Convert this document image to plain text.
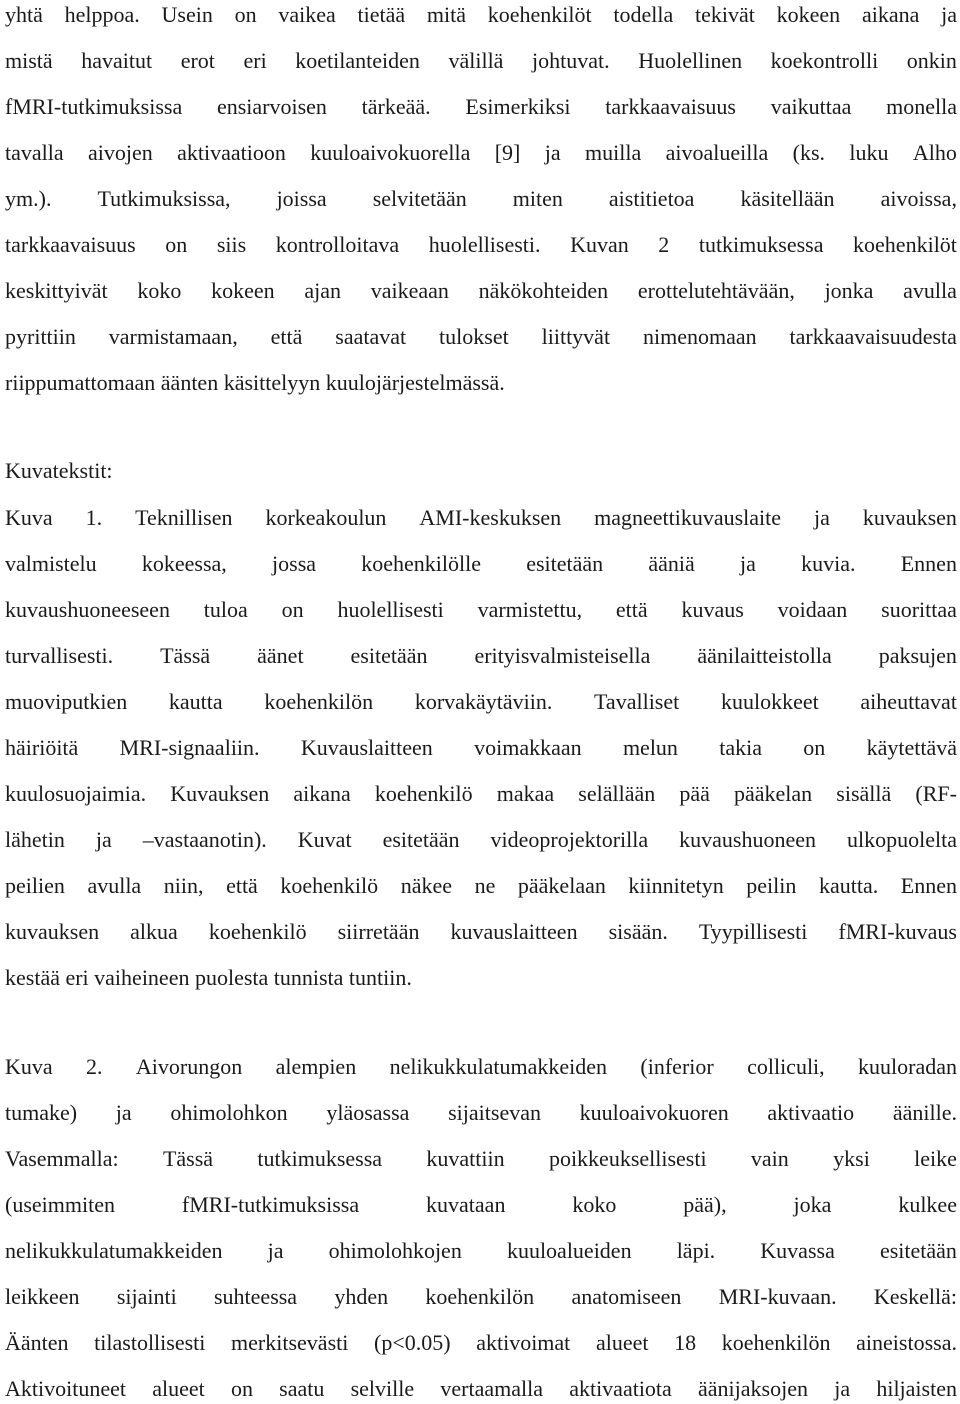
yhtä helppoa. Usein on vaikea tietää mitä koehenkilöt todella tekivät kokeen aikana ja
mistä havaitut erot eri koetilanteiden välillä johtuvat. Huolellinen koekontrolli onkin
fMRI-tutkimuksissa ensiarvoisen tärkeää. Esimerkiksi tarkkaavaisuus vaikuttaa monella
tavalla aivojen aktivaatioon kuuloaivokuorella [9] ja muilla aivoalueilla (ks. luku Alho
ym.). Tutkimuksissa, joissa selvitetään miten aistitietoa käsitellään aivoissa,
tarkkaavaisuus on siis kontrolloitava huolellisesti. Kuvan 2 tutkimuksessa koehenkilöt
keskittyivät koko kokeen ajan vaikeaan näkökohteiden erottelutehtävään, jonka avulla
pyrittiin varmistamaan, että saatavat tulokset liittyvät nimenomaan tarkkaavaisuudesta
riippumattomaan äänten käsittelyyn kuulojärjestelmässä.
Kuvatekstit:
Kuva 1. Teknillisen korkeakoulun AMI-keskuksen magneettikuvauslaite ja kuvauksen
valmistelu kokeessa, jossa koehenkilölle esitetään ääniä ja kuvia. Ennen
kuvaushuoneeseen tuloa on huolellisesti varmistettu, että kuvaus voidaan suorittaa
turvallisesti. Tässä äänet esitetään erityisvalmisteisella äänilaitteistolla paksujen
muoviputkien kautta koehenkilön korvakäytäviin. Tavalliset kuulokkeet aiheuttavat
häiriöitä MRI-signaaliin. Kuvauslaitteen voimakkaan melun takia on käytettävä
kuulosuojaimia. Kuvauksen aikana koehenkilö makaa selällään pää pääkelan sisällä (RF-
lähetin ja –vastaanotin). Kuvat esitetään videoprojektorilla kuvaushuoneen ulkopuolelta
peilien avulla niin, että koehenkilö näkee ne pääkelaan kiinnitetyn peilin kautta. Ennen
kuvauksen alkua koehenkilö siirretään kuvauslaitteen sisään. Tyypillisesti fMRI-kuvaus
kestää eri vaiheineen puolesta tunnista tuntiin.
Kuva 2. Aivorungon alempien nelikukkulatumakkeiden (inferior colliculi, kuuloradan
tumake) ja ohimolohkon yläosassa sijaitsevan kuuloaivokuoren aktivaatio äänille.
Vasemmalla: Tässä tutkimuksessa kuvattiin poikkeuksellisesti vain yksi leike
(useimmiten	fMRI-tutkimuksissa	kuvataan	koko	pää),	joka	kulkee
nelikukkulatumakkeiden ja ohimolohkojen kuuloalueiden läpi. Kuvassa esitetään
leikkeen sijainti suhteessa yhden koehenkilön anatomiseen MRI-kuvaan. Keskellä:
Äänten tilastollisesti merkitsevästi (p<0.05) aktivoimat alueet 18 koehenkilön aineistossa.
Aktivoituneet alueet on saatu selville vertaamalla aktivaatiota äänijaksojen ja hiljaisten
